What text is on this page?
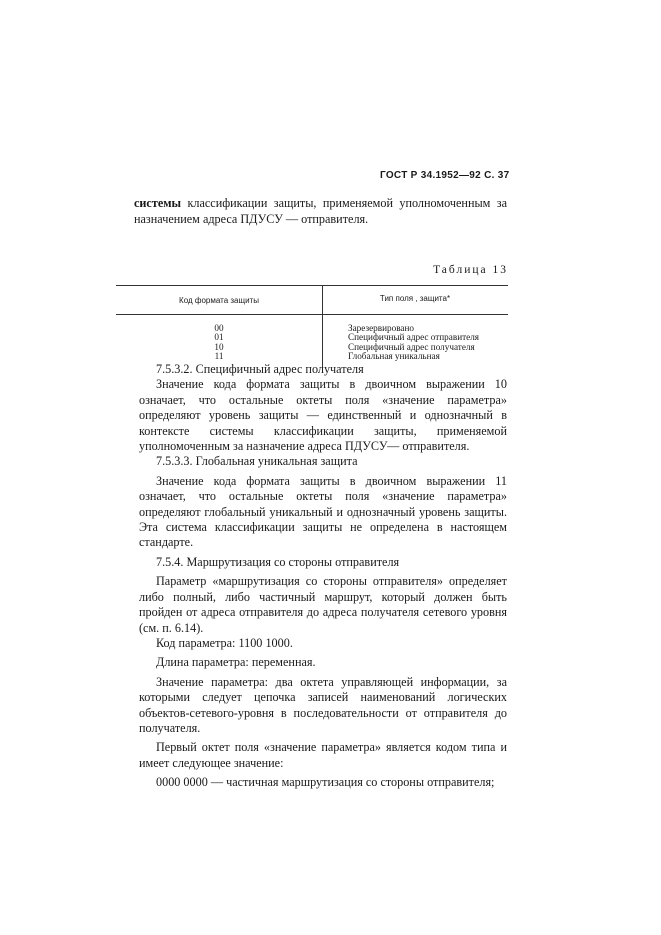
ГОСТ Р 34.1952—92 С. 37
системы классификации защиты, применяемой уполномоченным за назначением адреса ПДУСУ — отправителя.
Таблица 13
Код формата защиты	Тип поля , защита*
00
01
10
11
Зарезервировано
Специфичный адрес отправителя
Специфичный адрес получателя
Глобальная уникальная

7.5.3.2. Специфичный адрес получателя

Значение кода формата защиты в двоичном выражении 10 означает, что остальные октеты поля «значение параметра» определяют уровень защиты — единственный и однозначный в контексте системы классификации защиты, применяемой уполномоченным за назначение адреса ПДУСУ— отправителя.

7.5.3.3. Глобальная уникальная защита

Значение кода формата защиты в двоичном выражении 11 означает, что остальные октеты поля «значение параметра» определяют глобальный уникальный и однозначный уровень защиты. Эта система классификации защиты не определена в настоящем стандарте.

7.5.4. Маршрутизация со стороны отправителя

Параметр «маршрутизация со стороны отправителя» определяет либо полный, либо частичный маршрут, который должен быть пройден от адреса отправителя до адреса получателя сетевого уровня (см. п. 6.14).

Код параметра: 1100 1000.

Длина параметра: переменная.

Значение параметра: два октета управляющей информации, за которыми следует цепочка записей наименований логических объектов-сетевого-уровня в последовательности от отправителя до получателя.

Первый октет поля «значение параметра» является кодом типа и имеет следующее значение:

0000 0000 — частичная маршрутизация со стороны отправителя;
